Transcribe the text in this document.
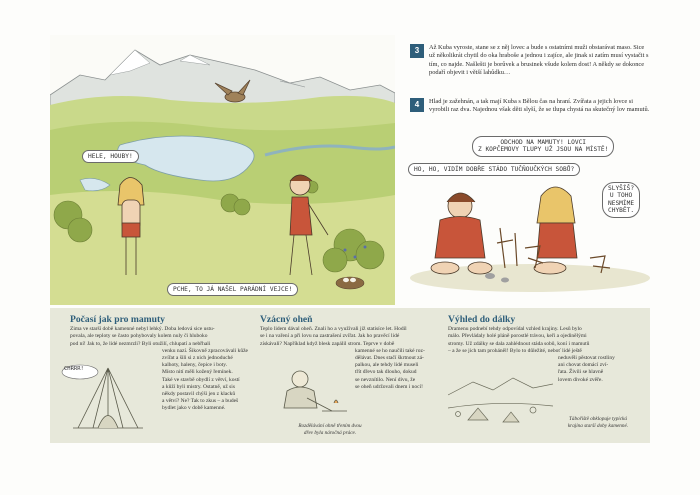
HELE, HOUBY!
PCHE, TO JÁ NAŠEL PARÁDNÍ VEJCE!
3	Až Kuba vyroste, stane se z něj lovec a bude s ostatními muži obstarávat maso. Sice už několikrát chytil do oka hraboše a jednou i zajíce, ale jinak si zatím musí vystačit s tím, co najde. Našlešti je borůvek a brusinek všude kolem dost! A někdy se dokonce podaří objevit i větší lahůdku…
4	Hlad je zažehnán, a tak mají Kuba s Bělou čas na hraní. Zvířata a jejich lovce si vyrobili raz dva. Najednou však děti slyší, že se tlupa chystá na skutečný lov mamutů.
ODCHOD NA MAMUTY! LOVCI
Z KOPČEMOVY TLUPY UŽ JSOU NA MÍSTĚ!
HO, HO, VIDÍM DOBŘE STÁDO TUČŇOUČKÝCH SOBŮ?
SLYŠÍŠ?
U TOHO
NESMÍME
CHYBĚT.
Počasí jak pro mamuty
Zima ve starší době kamenné nebyl lehký. Doba ledová sice ustu-
povala, ale teploty se často pohybovaly kolem nuly či hluboko
pod ní! Jak to, že lidé nezmrzli? Byli otužilí, chlupatí a nebřhali
venku nazí. Šikovně zpracovávali kůže
zvířat a šili si z nich jednoduché
kalhoty, haleny, čepice i boty.
Místo nití měli kožený řemínek.
Také ve stavbě obydlí z větví, kostí
a kůží byli mistry. Ostatně, už sis
někdy postavil chýši jen z klacků
a větví? Ne? Tak to zkus – a budeš
bydlet jako v době kamenné.
CHRRR!
Vzácný oheň
Teplo lidem dával oheň. Znali ho a využívali již statisíce let. Hodil
se i na vaření a při lovu na zastrašení zvířat. Jak ho pravěcí lidé
získávali? Například když blesk zapálil strom. Teprve v době
kamenné se ho naučili také roz-
dělávat. Dnes stačí škrtnout zá-
palkou, ale tehdy lidé museli
třít dřevo tak dlouho, dokud
se nevznítilo. Není divu, že
se oheň udržovali dnem i nocí!
Rozdělávání ohně třením dvou
dřev byla náročná práce.
Výhled do dálky
Dramenu podnebí tehdy odpovídal vzhled krajiny. Lesů bylo
málo. Převládaly holé pláně porostlé trávou, keři a ojedinělými
stromy. Už zdálky se dala zahlédnout stáda sobů, koní i mamutů
– a že se jich tam proháněl! Bylo to důležité, neboť lidé ještě
neduvěli pěstovat rostliny
ani chovat domácí zví-
řata. Živili se hlavně
lovem divoké zvěře.
Tábořiště obklopuje typická
krajina starší doby kamenné.
